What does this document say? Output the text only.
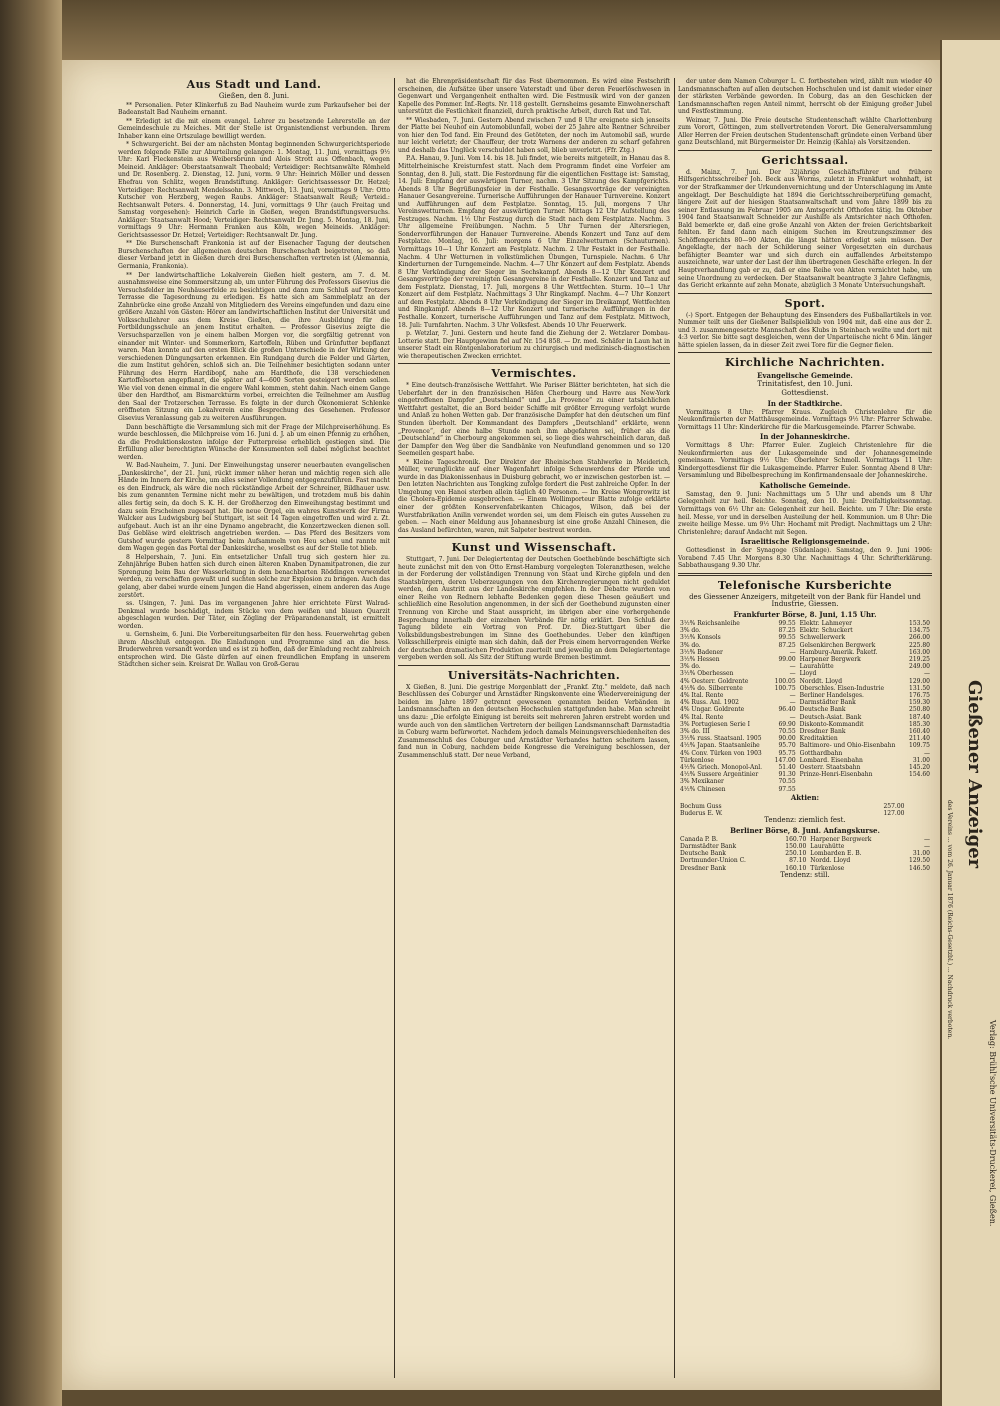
Aus Stadt und Land.

Gießen, den 8. Juni.

** Personalien. Peter Klinkerfuß zu Bad Nauheim wurde zum Parkaufseher bei der Badeanstalt Bad Nauheim ernannt.

** Erledigt ist die mit einem evangel. Lehrer zu besetzende Lehrerstelle an der Gemeindeschule zu Meiches. Mit der Stelle ist Organistendienst verbunden. Ihrem Inhaber kann eine Ortszulage bewilligt werden.

* Schwurgericht. Bei der am nächsten Montag beginnenden Schwurgerichtsperiode werden folgende Fälle zur Aburteilung gelangen: 1. Montag, 11. Juni, vormittags 9½ Uhr: Karl Fleckenstein aus Weibersbrunn und Alois Strott aus Offenbach, wegen Meineid. Ankläger: Oberstaatsanwalt Theobald; Verteidiger: Rechtsanwälte Römheld und Dr. Rosenberg. 2. Dienstag, 12. Juni, vorm. 9 Uhr: Heinrich Möller und dessen Ehefrau von Schlitz, wegen Brandstiftung. Ankläger: Gerichtsassessor Dr. Hetzel; Verteidiger: Rechtsanwalt Mendelssohn. 3. Mittwoch, 13. Juni, vormittags 9 Uhr: Otto Kutscher von Herzberg, wegen Raubs. Ankläger: Staatsanwalt Reuß; Verteid.: Rechtsanwalt Peters. 4. Donnerstag, 14. Juni, vormittags 9 Uhr (auch Freitag und Samstag vorgesehen): Heinrich Carle in Gießen, wegen Brandstiftungsversuchs. Ankläger: Staatsanwalt Hood; Verteidiger: Rechtsanwalt Dr. Jung. 5. Montag, 18. Juni, vormittags 9 Uhr: Hermann Franken aus Köln, wegen Meineids. Ankläger: Gerichtsassessor Dr. Hetzel; Verteidiger: Rechtsanwalt Dr. Jung.

** Die Burschenschaft Frankonia ist auf der Eisenacher Tagung der deutschen Burschenschaften der allgemeinen deutschen Burschenschaft beigetreten, so daß dieser Verband jetzt in Gießen durch drei Burschenschaften vertreten ist (Alemannia, Germania, Frankonia).

** Der landwirtschaftliche Lokalverein Gießen hielt gestern, am 7. d. M. ausnahmsweise eine Sommersitzung ab, um unter Führung des Professors Gisevius die Versuchsfelder im Neuhäuserfelde zu besichtigen und dann zum Schluß auf Trotzers Terrasse die Tagesordnung zu erledigen. Es hatte sich am Sammelplatz an der Zahnbrücke eine große Anzahl von Mitgliedern des Vereins eingefunden und dazu eine größere Anzahl von Gästen: Hörer am landwirtschaftlichen Institut der Universität und Volksschullehrer aus dem Kreise Gießen, die ihre Ausbildung für die Fortbildungsschule an jenem Institut erhalten. — Professor Gisevius zeigte die Versuchsparzellen von je einem halben Morgen vor, die sorgfältig getrennt von einander mit Winter- und Sommerkorn, Kartoffeln, Rüben und Grünfutter bepflanzt waren. Man konnte auf den ersten Blick die großen Unterschiede in der Wirkung der verschiedenen Düngungsarten erkennen. Ein Rundgang durch die Felder und Gärten, die zum Institut gehören, schloß sich an. Die Teilnehmer besichtigten sodann unter Führung des Herrn Hardibopf, nahe am Hardthofe, die 138 verschiedenen Kartoffelsorten angepflanzt, die später auf 4—600 Sorten gesteigert werden sollen. Wie viel von denen einmal in die engere Wahl kommen, steht dahin. Nach einem Gange über den Hardthof, am Bismarckturm vorbei, erreichten die Teilnehmer am Ausflug den Saal der Trotzerschen Terrasse. Es folgte in der durch Ökonomierat Schlenke eröffneten Sitzung ein Lokalverein eine Besprechung des Gesehenen. Professor Gisevius Veranlassung gab zu weiteren Ausführungen.

Dann beschäftigte die Versammlung sich mit der Frage der Milchpreiserhöhung. Es wurde beschlossen, die Milchpreise vom 16. Juni d. J. ab um einen Pfennig zu erhöhen, da die Produktionskosten infolge der Futterpreise erheblich gestiegen sind. Die Erfüllung aller berechtigten Wünsche der Konsumenten soll dabei möglichst beachtet werden.

W. Bad-Nauheim, 7. Juni. Der Einweihungstag unserer neuerbauten evangelischen „Dankeskirche“, der 21. Juni, rückt immer näher heran und mächtig regen sich alle Hände im Innern der Kirche, um alles seiner Vollendung entgegenzuführen. Fast macht es den Eindruck, als wäre die noch rückständige Arbeit der Schreiner, Bildhauer usw. bis zum genannten Termine nicht mehr zu bewältigen, und trotzdem muß bis dahin alles fertig sein, da doch S. K. H. der Großherzog den Einweihungstag bestimmt und dazu sein Erscheinen zugesagt hat. Die neue Orgel, ein wahres Kunstwerk der Firma Walcker aus Ludwigsburg bei Stuttgart, ist seit 14 Tagen eingetroffen und wird z. Zt. aufgebaut. Auch ist an ihr eine Dynamo angebracht, die Konzertzwecken dienen soll. Das Gebläse wird elektrisch angetrieben werden. — Das Pferd des Besitzers vom Gutshof wurde gestern Vormittag beim Aufsammeln von Heu scheu und rannte mit dem Wagen gegen das Portal der Dankeskirche, woselbst es auf der Stelle tot blieb.

8 Helpershain, 7. Juni. Ein entsetzlicher Unfall trug sich gestern hier zu. Zehnjährige Buben hatten sich durch einen älteren Knaben Dynamitpatronen, die zur Sprengung beim Bau der Wasserleitung in dem benachbarten Röddingen verwendet werden, zu verschaffen gewußt und suchten solche zur Explosion zu bringen. Auch das gelang, aber dabei wurde einem Jungen die Hand abgerissen, einem anderen das Auge zerstört.

ss. Usingen, 7. Juni. Das im vergangenen Jahre hier errichtete Fürst Walrad-Denkmal wurde beschädigt, indem Stücke von dem weißen und blauen Quarzit abgeschlagen wurden. Der Täter, ein Zögling der Präparandenanstalt, ist ermittelt worden.

u. Gernsheim, 6. Juni. Die Vorbereitungsarbeiten für den hess. Feuerwehrtag geben ihrem Abschluß entgegen. Die Einladungen und Programme sind an die hess. Bruderwehren versandt worden und es ist zu hoffen, daß der Einladung recht zahlreich entsprochen wird. Die Gäste dürfen auf einen freundlichen Empfang in unserem Städtchen sicher sein. Kreisrat Dr. Wallau von Groß-Gerau

hat die Ehrenpräsidentschaft für das Fest übernommen. Es wird eine Festschrift erscheinen, die Aufsätze über unsere Vaterstadt und über deren Feuerlöschwesen in Gegenwart und Vergangenheit enthalten wird. Die Festmusik wird von der ganzen Kapelle des Pommer. Inf.-Regts. Nr. 118 gestellt. Gernsheims gesamte Einwohnerschaft unterstützt die Festlichkeit finanziell, durch praktische Arbeit, durch Rat und Tat.

** Wiesbaden, 7. Juni. Gestern Abend zwischen 7 und 8 Uhr ereignete sich jenseits der Platte bei Neuhof ein Automobilunfall, wobei der 25 Jahre alte Rentner Schreiber von hier den Tod fand. Ein Freund des Getöteten, der noch im Automobil saß, wurde nur leicht verletzt; der Chauffeur, der trotz Warnens der anderen zu scharf gefahren und deshalb das Unglück verschuldet haben soll, blieb unverletzt. (Ffr. Ztg.)

P.A. Hanau, 9. Juni. Vom 14. bis 18. Juli findet, wie bereits mitgeteilt, in Hanau das 8. Mittelrheinische Kreisturnfest statt. Nach dem Programm findet eine Vorfeier am Sonntag, den 8. Juli, statt. Die Festordnung für die eigentlichen Festtage ist: Samstag, 14. Juli: Empfang der auswärtigen Turner, nachm. 3 Uhr Sitzung des Kampfgerichts. Abends 8 Uhr Begrüßungsfeier in der Festhalle. Gesangsvorträge der vereinigten Hanauer Gesangvereine. Turnerische Aufführungen der Hanauer Turnvereine. Konzert und Aufführungen auf dem Festplatze. Sonntag, 15. Juli, morgens 7 Uhr Vereinswetturnen. Empfang der auswärtigen Turner. Mittags 12 Uhr Aufstellung des Festzuges. Nachm. 1½ Uhr Festzug durch die Stadt nach dem Festplatze. Nachm. 3 Uhr allgemeine Freiübungen. Nachm. 5 Uhr Turnen der Altersriegen, Sondervorführungen der Hanauer Turnvereine. Abends Konzert und Tanz auf dem Festplatze. Montag, 16. Juli: morgens 6 Uhr Einzelwetturnen (Schauturnen). Vormittags 10—1 Uhr Konzert am Festplatz. Nachm. 2 Uhr Festakt in der Festhalle. Nachm. 4 Uhr Wetturnen in volkstümlichen Übungen, Turnspiele. Nachm. 6 Uhr Kinderturnen der Turngemeinde. Nachm. 4—7 Uhr Konzert auf dem Festplatz. Abends 8 Uhr Verkündigung der Sieger im Sechskampf. Abends 8—12 Uhr Konzert und Gesangsvorträge der vereinigten Gesangvereine in der Festhalle. Konzert und Tanz auf dem Festplatz. Dienstag, 17. Juli, morgens 8 Uhr Wettfechten. Sturm. 10—1 Uhr Konzert auf dem Festplatz. Nachmittags 3 Uhr Ringkampf. Nachm. 4—7 Uhr Konzert auf dem Festplatz. Abends 8 Uhr Verkündigung der Sieger im Dreikampf, Wettfechten und Ringkampf. Abends 8—12 Uhr Konzert und turnerische Aufführungen in der Festhalle. Konzert, turnerische Aufführungen und Tanz auf dem Festplatz. Mittwoch, 18. Juli: Turnfahrten. Nachm. 3 Uhr Volksfest. Abends 10 Uhr Feuerwerk.

p. Wetzlar, 7. Juni. Gestern und heute fand die Ziehung der 2. Wetzlarer Dombau-Lotterie statt. Der Hauptgewinn fiel auf Nr. 154 858. — Dr. med. Schäfer in Laun hat in unserer Stadt ein Röntgenlaboratorium zu chirurgisch und medizinisch-diagnostischen wie therapeutischen Zwecken errichtet.

Vermischtes.

* Eine deutsch-französische Wettfahrt. Wie Pariser Blätter berichteten, hat sich die Ueberfahrt der in den französischen Häfen Cherbourg und Havre aus New-York eingetroffenen Dampfer „Deutschland“ und „La Provence“ zu einer tatsächlichen Wettfahrt gestaltet, die an Bord beider Schiffe mit größter Erregung verfolgt wurde und Anlaß zu hohen Wetten gab. Der französische Dampfer hat den deutschen um fünf Stunden überholt. Der Kommandant des Dampfers „Deutschland“ erklärte, wenn „Provence“, der eine halbe Stunde nach ihm abgefahren sei, früher als die „Deutschland“ in Cherbourg angekommen sei, so liege dies wahrscheinlich daran, daß der Dampfer den Weg über die Sandbänke von Neufundland genommen und so 120 Seemeilen gespart habe.

* Kleine Tageschronik. Der Direktor der Rheinischen Stahlwerke in Meiderich, Müller, verunglückte auf einer Wagenfahrt infolge Scheuwerdens der Pferde und wurde in das Diakonissenhaus in Duisburg gebracht, wo er inzwischen gestorben ist. — Den letzten Nachrichten aus Tongking zufolge fordert die Pest zahlreiche Opfer. In der Umgebung von Hanoi sterben allein täglich 40 Personen. — Im Kreise Wongrowitz ist die Cholera-Epidemie ausgebrochen. — Einem Wollimporteur Blatte zufolge erklärte einer der größten Konservenfabrikanten Chicagos, Wilson, daß bei der Wurstfabrikation Anilin verwendet worden sei, um dem Fleisch ein gutes Aussehen zu geben. — Nach einer Meldung aus Johannesburg ist eine große Anzahl Chinesen, die das Ausland befürchten, waren, mit Salpeter bestreut worden.

Kunst und Wissenschaft.

Stuttgart, 7. Juni. Der Delegiertentag der Deutschen Goethebünde beschäftigte sich heute zunächst mit den von Otto Ernst-Hamburg vorgelegten Toleranzthesen, welche in der Forderung der vollständigen Trennung von Staat und Kirche gipfeln und den Staatsbürgern, deren Ueberzeugungen von den Kirchenregierungen nicht geduldet werden, den Austritt aus der Landeskirche empfehlen. In der Debatte wurden von einer Reihe von Rednern lebhafte Bedenken gegen diese Thesen geäußert und schließlich eine Resolution angenommen, in der sich der Goethebund zugunsten einer Trennung von Kirche und Staat ausspricht, im übrigen aber eine vorhergehende Besprechung innerhalb der einzelnen Verbände für nötig erklärt. Den Schluß der Tagung bildete ein Vortrag von Prof. Dr. Diez-Stuttgart über die Volksbildungsbestrebungen im Sinne des Goethebundes. Ueber den künftigen Volksschillerpreis einigte man sich dahin, daß der Preis einem hervorragenden Werke der deutschen dramatischen Produktion zuerteilt und jeweilig an dem Delegiertentage vergeben werden soll. Als Sitz der Stiftung wurde Bremen bestimmt.

Universitäts-Nachrichten.

X Gießen, 8. Juni. Die gestrige Morgenblatt der „Frankf. Ztg.“ meldete, daß nach Beschlüssen des Coburger und Arnstädter Ringskonvente eine Wiedervereinigung der beiden im Jahre 1897 getrennt gewesenen genannten beiden Verbänden in Landsmannschaften an den deutschen Hochschulen stattgefunden habe. Man schreibt uns dazu: „Die erfolgte Einigung ist bereits seit mehreren Jahren erstrebt worden und wurde auch von den sämtlichen Vertretern der beiligen Landsmannschaft Darmstadtia in Coburg warm befürwortet. Nachdem jedoch damals Meinungsverschiedenheiten des Zusammenschluß des Coburger und Arnstädter Verbandes hatten scheitern lassen, fand nun in Coburg, nachdem beide Kongresse die Vereinigung beschlossen, der Zusammenschluß statt. Der neue Verband,

der unter dem Namen Coburger L. C. fortbestehen wird, zählt nun wieder 40 Landsmannschaften auf allen deutschen Hochschulen und ist damit wieder einer der stärksten Verbände geworden. In Coburg, das an den Geschicken der Landsmannschaften regen Anteil nimmt, herrscht ob der Einigung großer Jubel und Festfestimmung.

Weimar, 7. Juni. Die Freie deutsche Studentenschaft wählte Charlottenburg zum Vorort, Göttingen, zum stellvertretenden Vorort. Die Generalversammlung Aller Herren der Freien deutschen Studentenschaft gründete einen Verband über ganz Deutschland, mit Bürgermeister Dr. Heinzig (Kahla) als Vorsitzenden.

Gerichtssaal.

d. Mainz, 7. Juni. Der 32jährige Geschäftsführer und frühere Hilfsgerichtsschreiber Joh. Beck aus Worms, zuletzt in Frankfurt wohnhaft, ist vor der Strafkammer der Urkundenvernichtung und der Unterschlagung im Amte angeklagt. Der Beschuldigte hat 1894 die Gerichtsschreiberprüfung gemacht, längere Zeit auf der hiesigen Staatsanwaltschaft und vom Jahre 1899 bis zu seiner Entlassung im Februar 1905 am Amtsgericht Ofthofen tätig. Im Oktober 1904 fand Staatsanwalt Schneider zur Aushilfe als Amtsrichter nach Ofthofen. Bald bemerkte er, daß eine große Anzahl von Akten der freien Gerichtsbarkeit fehlten. Er fand dann nach einigem Suchen im Kreutzungszimmer des Schöffengerichts 80—90 Akten, die längst hätten erledigt sein müssen. Der Angeklagte, der nach der Schilderung seiner Vorgesetzten ein durchaus befähigter Beamter war und sich durch ein auffallendes Arbeitstempo auszeichnete, war unter der Last der ihm übertragenen Geschäfte erlegen. In der Hauptverhandlung gab er zu, daß er eine Reihe von Akten vernichtet habe, um seine Unordnung zu verdecken. Der Staatsanwalt beantragte 3 Jahre Gefängnis, das Gericht erkannte auf zehn Monate, abzüglich 3 Monate Untersuchungshaft.

Sport.

(-) Sport. Entgegen der Behauptung des Einsenders des Fußballartikels in vor. Nummer teilt uns der Gießener Ballspielklub von 1904 mit, daß eine aus der 2. und 3. zusammengesetzte Mannschaft des Klubs in Steinbach weilte und dort mit 4:3 verlor. Sie bitte sagt desgleichen, wenn der Unparteiische nicht 6 Min. länger hätte spielen lassen, da in dieser Zeit zwei Tore für die Gegner fielen.

Kirchliche Nachrichten.

Evangelische Gemeinde.

Trinitatisfest, den 10. Juni.

Gottesdienst.

In der Stadtkirche.

Vormittags 8 Uhr: Pfarrer Kraus. Zugleich Christenlehre für die Neukonfirmierten der Matthäusgemeinde. Vormittags 9½ Uhr: Pfarrer Schwabe. Vormittags 11 Uhr: Kinderkirche für die Markusgemeinde. Pfarrer Schwabe.

In der Johanneskirche.

Vormittags 8 Uhr: Pfarrer Euler. Zugleich Christenlehre für die Neukonfirmierten aus der Lukasgemeinde und der Johannesgemeinde gemeinsam. Vormittags 9½ Uhr: Oberlehrer Schmoll. Vormittags 11 Uhr: Kindergottesdienst für die Lukasgemeinde. Pfarrer Euler. Sonntag Abend 8 Uhr: Versammlung und Bibelbesprechung im Konfirmandensaale der Johanneskirche.

Katholische Gemeinde.

Samstag, den 9. Juni: Nachmittags um 5 Uhr und abends um 8 Uhr Gelegenheit zur heil. Beichte. Sonntag, den 10. Juni: Dreifaltigkeitssonntag. Vormittags von 6½ Uhr an: Gelegenheit zur heil. Beichte. um 7 Uhr: Die erste heil. Messe, vor und in derselben Austeilung der heil. Kommunion. um 8 Uhr: Die zweite heilige Messe. um 9½ Uhr: Hochamt mit Predigt. Nachmittags um 2 Uhr: Christenlehre; darauf Andacht mit Segen.

Israelitische Religionsgemeinde.

Gottesdienst in der Synagoge (Südanlage). Samstag, den 9. Juni 1906: Vorabend 7.45 Uhr. Morgens 8.30 Uhr. Nachmittags 4 Uhr. Schrifterklärung. Sabbathausgang 9.30 Uhr.

Telefonische Kursberichte

des Giessener Anzeigers, mitgeteilt von der Bank für Handel und Industrie, Giessen.

Frankfurter Börse, 8. Juni, 1.15 Uhr.

3½% Reichsanleihe	99.55	Elektr. Lahmeyer	153.50
3% do.	87.25	Elektr. Schuckert	134.75
3½% Konsols	99.55	Schwellerwerk	266.00
3% do.	87.25	Gelsenkirchen Bergwerk	225.80
3½% Badener	—	Hamburg-Amerik. Paketf.	163.00
3½% Hessen	99.00	Harpener Bergwerk	219.25
3% do.	—	Laurahütte	249.00
3½% Oberhessen	—	Lloyd	—
4% Oesterr. Goldrente	100.05	Norddt. Lloyd	129.00
4½% do. Silberrente	100.75	Oberschles. Eisen-Industrie	131.50
4% Ital. Rente	—	Berliner Handelsges.	176.75
4% Russ. Anl. 1902	—	Darmstädter Bank	159.30
4% Ungar. Goldrente	96.40	Deutsche Bank	250.80
4% Ital. Rente	—	Deutsch-Asiat. Bank	187.40
3% Portugiesen Serie I	69.90	Diskonto-Kommandit	185.30
3% do. III	70.55	Dresdner Bank	160.40
3½% russ. Staatsanl. 1905	90.00	Kreditaktien	211.40
4½% Japan. Staatsanleihe	95.70	Baltimore- und Ohio-Eisenbahn	109.75
4% Conv. Türken von 1903	95.75	Gotthardbahn	—
Türkenlose	147.00	Lombard. Eisenbahn	31.00
4½% Griech. Monopol-Anl.	51.40	Oesterr. Staatsbahn	145.20
4½% Sussere Argentinier	91.30	Prinze-Henri-Eisenbahn	154.60
3% Mexikaner	70.55		
4½% Chinesen	97.55		

Aktien:

Bochum Guss	257.00		
Buderus E. W.	127.00		

Tendenz: ziemlich fest.

Berliner Börse, 8. Juni. Anfangskurse.

Canada P. B.	160.70	Harpener Bergwerk	—
Darmstädter Bank	150.00	Laurahütte	—
Deutsche Bank	250.10	Lombarden E. B.	31.00
Dortmunder-Union C.	87.10	Nordd. Lloyd	129.50
Dresdner Bank	160.10	Türkenlose	146.50

Tendenz: still.

Gießener Anzeiger
Verlag: Brühl'sche Universitäts-Druckerei, Gießen.
des Vereins ... vom 26. Januar 1876 (Reichs-Gesetzbl.) ... Nachdruck verboten.
